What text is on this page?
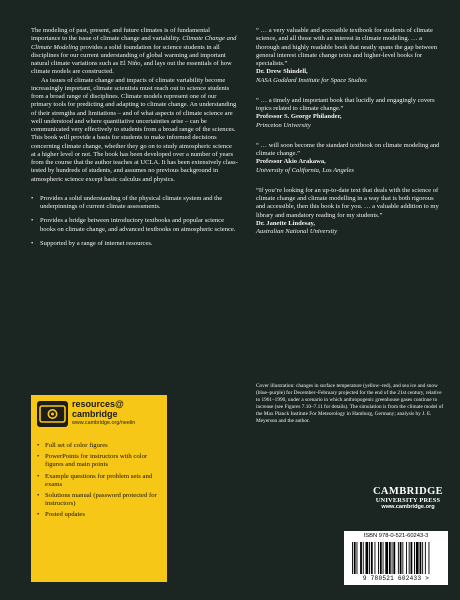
The modeling of past, present, and future climates is of fundamental importance to the issue of climate change and variability. Climate Change and Climate Modeling provides a solid foundation for science students in all disciplines for our current understanding of global warming and important natural climate variations such as El Niño, and lays out the essentials of how climate models are constructed.

As issues of climate change and impacts of climate variability become increasingly important, climate scientists must reach out to science students from a broad range of disciplines. Climate models represent one of our primary tools for predicting and adapting to climate change. An understanding of their strengths and limitations – and of what aspects of climate science are well understood and where quantitative uncertainties arise – can be communicated very effectively to students from a broad range of the sciences. This book will provide a basis for students to make informed decisions concerning climate change, whether they go on to study atmospheric science at a higher level or not. The book has been developed over a number of years from the course that the author teaches at UCLA. It has been extensively class-tested by hundreds of students, and assumes no previous background in atmospheric science except basic calculus and physics.

• Provides a solid understanding of the physical climate system and the underpinnings of current climate assessments.
• Provides a bridge between introductory textbooks and popular science books on climate change, and advanced textbooks on atmospheric science.
• Supported by a range of internet resources.
resources@
cambridge
www.cambridge.org/neelin
• Full set of color figures
• PowerPoints for instructors with color figures and main points
• Example questions for problem sets and exams
• Solutions manual (password protected for instructors)
• Posted updates

“ … a very valuable and accessible textbook for students of climate science, and all those with an interest in climate modeling. … a thorough and highly readable book that neatly spans the gap between general interest climate change texts and higher-level books for specialists.”

Dr. Drew Shindell,

NASA Goddard Institute for Space Studies

“ … a timely and important book that lucidly and engagingly covers topics related to climate change.”

Professor S. George Philander,

Princeton University

“ … will soon become the standard textbook on climate modeling and climate change.”

Professor Akio Arakawa,

University of California, Los Angeles

“If you’re looking for an up-to-date text that deals with the science of climate change and climate modelling in a way that is both rigorous and accessible, then this book is for you. … a valuable addition to my library and mandatory reading for my students.”

Dr. Janette Lindesay,

Australian National University

Cover illustration: changes in surface temperature (yellow–red), and sea ice and snow (blue–purple) for December–February projected for the end of the 21st century, relative to 1961–1990, under a scenario in which anthropogenic greenhouse gases continue to increase (see Figures 7.10–7.11 for details). The simulation is from the climate model of the Max Planck Institute For Meteorology in Hamburg, Germany; analysis by J. E. Meyerson and the author.

CAMBRIDGE
UNIVERSITY PRESS
www.cambridge.org
ISBN 978-0-521-60243-3
9 780521 602433 >
